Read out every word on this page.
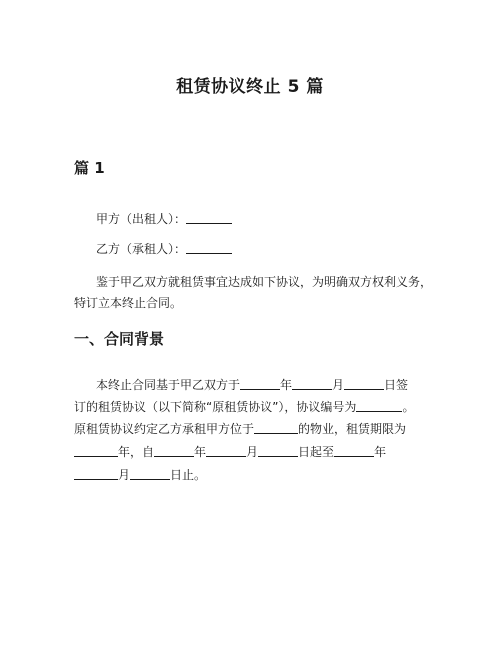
租赁协议终止 5 篇
篇 1
甲方（出租人）：
乙方（承租人）：
鉴于甲乙双方就租赁事宜达成如下协议，为明确双方权利义务，
特订立本终止合同。
一、合同背景
本终止合同基于甲乙双方于	年	月	日签
订的租赁协议（以下简称“原租赁协议”），协议编号为	。
原租赁协议约定乙方承租甲方位于	的物业，租赁期限为
年，自	年	月	日起至	年
月	日止。
